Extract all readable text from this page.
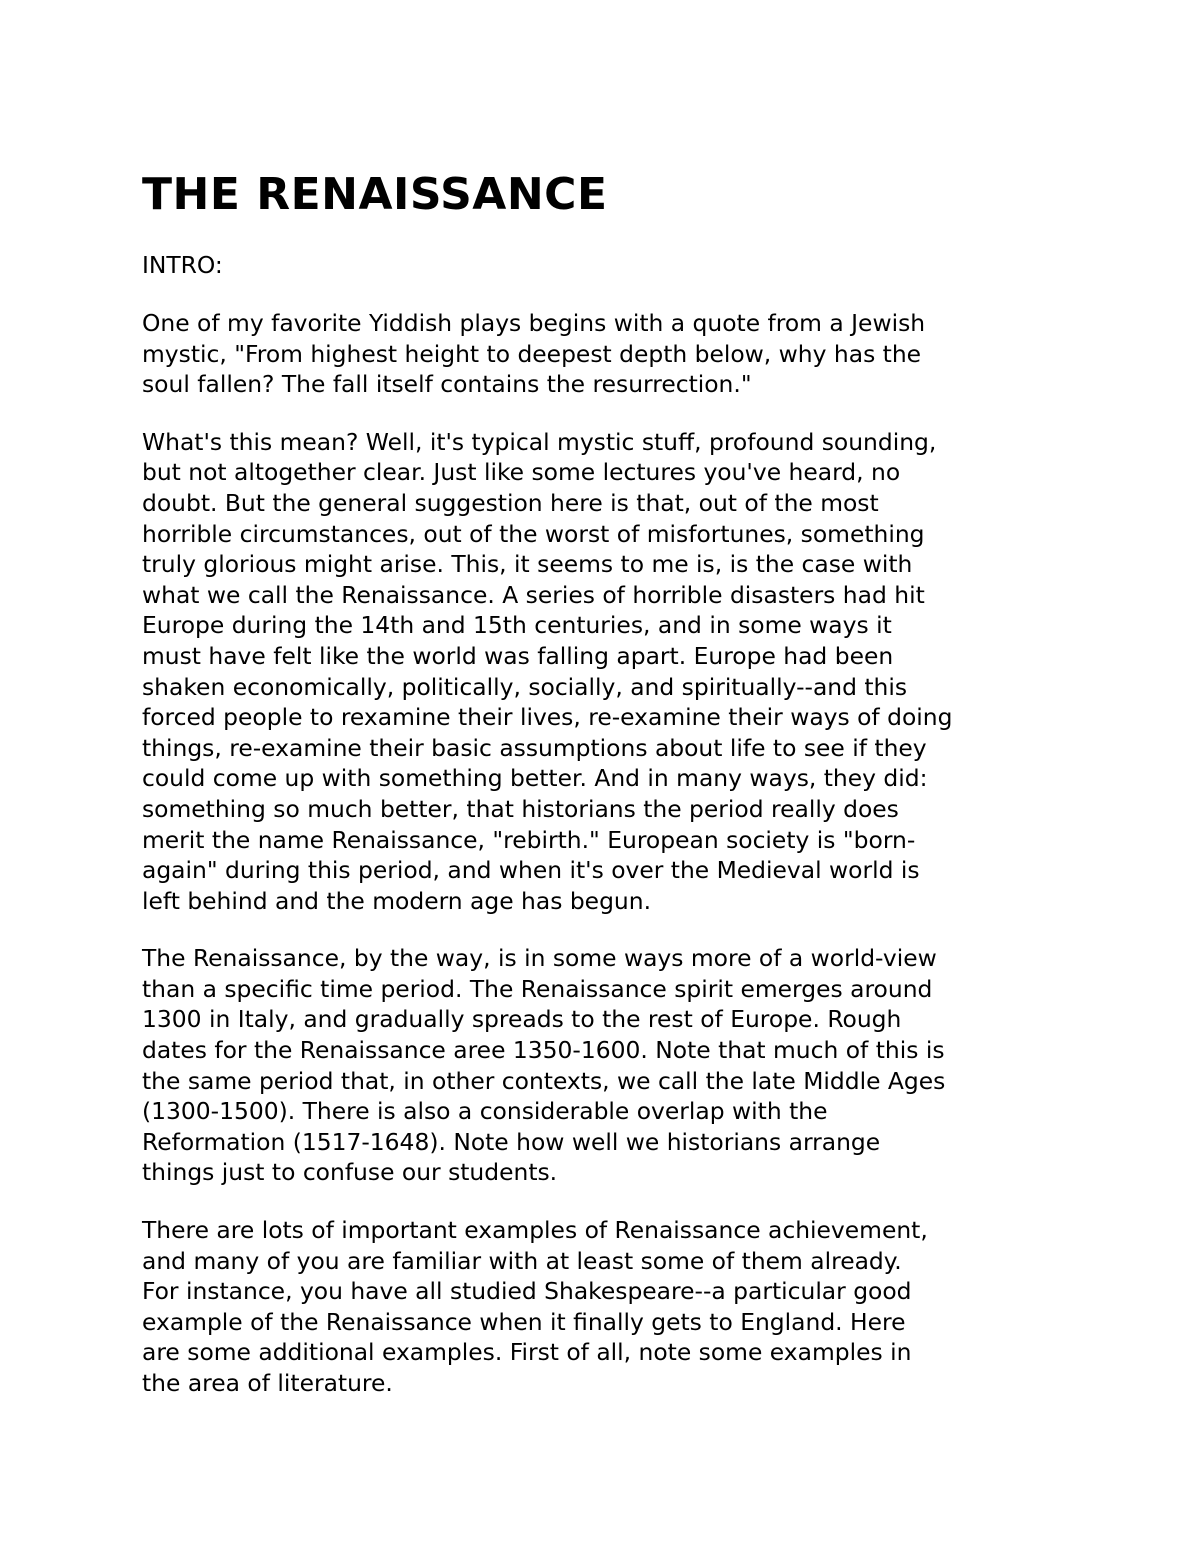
THE RENAISSANCE
INTRO:

One of my favorite Yiddish plays begins with a quote from a Jewish
mystic, "From highest height to deepest depth below, why has the
soul fallen? The fall itself contains the resurrection."

What's this mean? Well, it's typical mystic stuff, profound sounding,
but not altogether clear. Just like some lectures you've heard, no
doubt. But the general suggestion here is that, out of the most
horrible circumstances, out of the worst of misfortunes, something
truly glorious might arise. This, it seems to me is, is the case with
what we call the Renaissance. A series of horrible disasters had hit
Europe during the 14th and 15th centuries, and in some ways it
must have felt like the world was falling apart. Europe had been
shaken economically, politically, socially, and spiritually--and this
forced people to rexamine their lives, re-examine their ways of doing
things, re-examine their basic assumptions about life to see if they
could come up with something better. And in many ways, they did:
something so much better, that historians the period really does
merit the name Renaissance, "rebirth." European society is "born-
again" during this period, and when it's over the Medieval world is
left behind and the modern age has begun.

The Renaissance, by the way, is in some ways more of a world-view
than a specific time period. The Renaissance spirit emerges around
1300 in Italy, and gradually spreads to the rest of Europe. Rough
dates for the Renaissance aree 1350-1600. Note that much of this is
the same period that, in other contexts, we call the late Middle Ages
(1300-1500). There is also a considerable overlap with the
Reformation (1517-1648). Note how well we historians arrange
things just to confuse our students.

There are lots of important examples of Renaissance achievement,
and many of you are familiar with at least some of them already.
For instance, you have all studied Shakespeare--a particular good
example of the Renaissance when it finally gets to England. Here
are some additional examples. First of all, note some examples in
the area of literature.
